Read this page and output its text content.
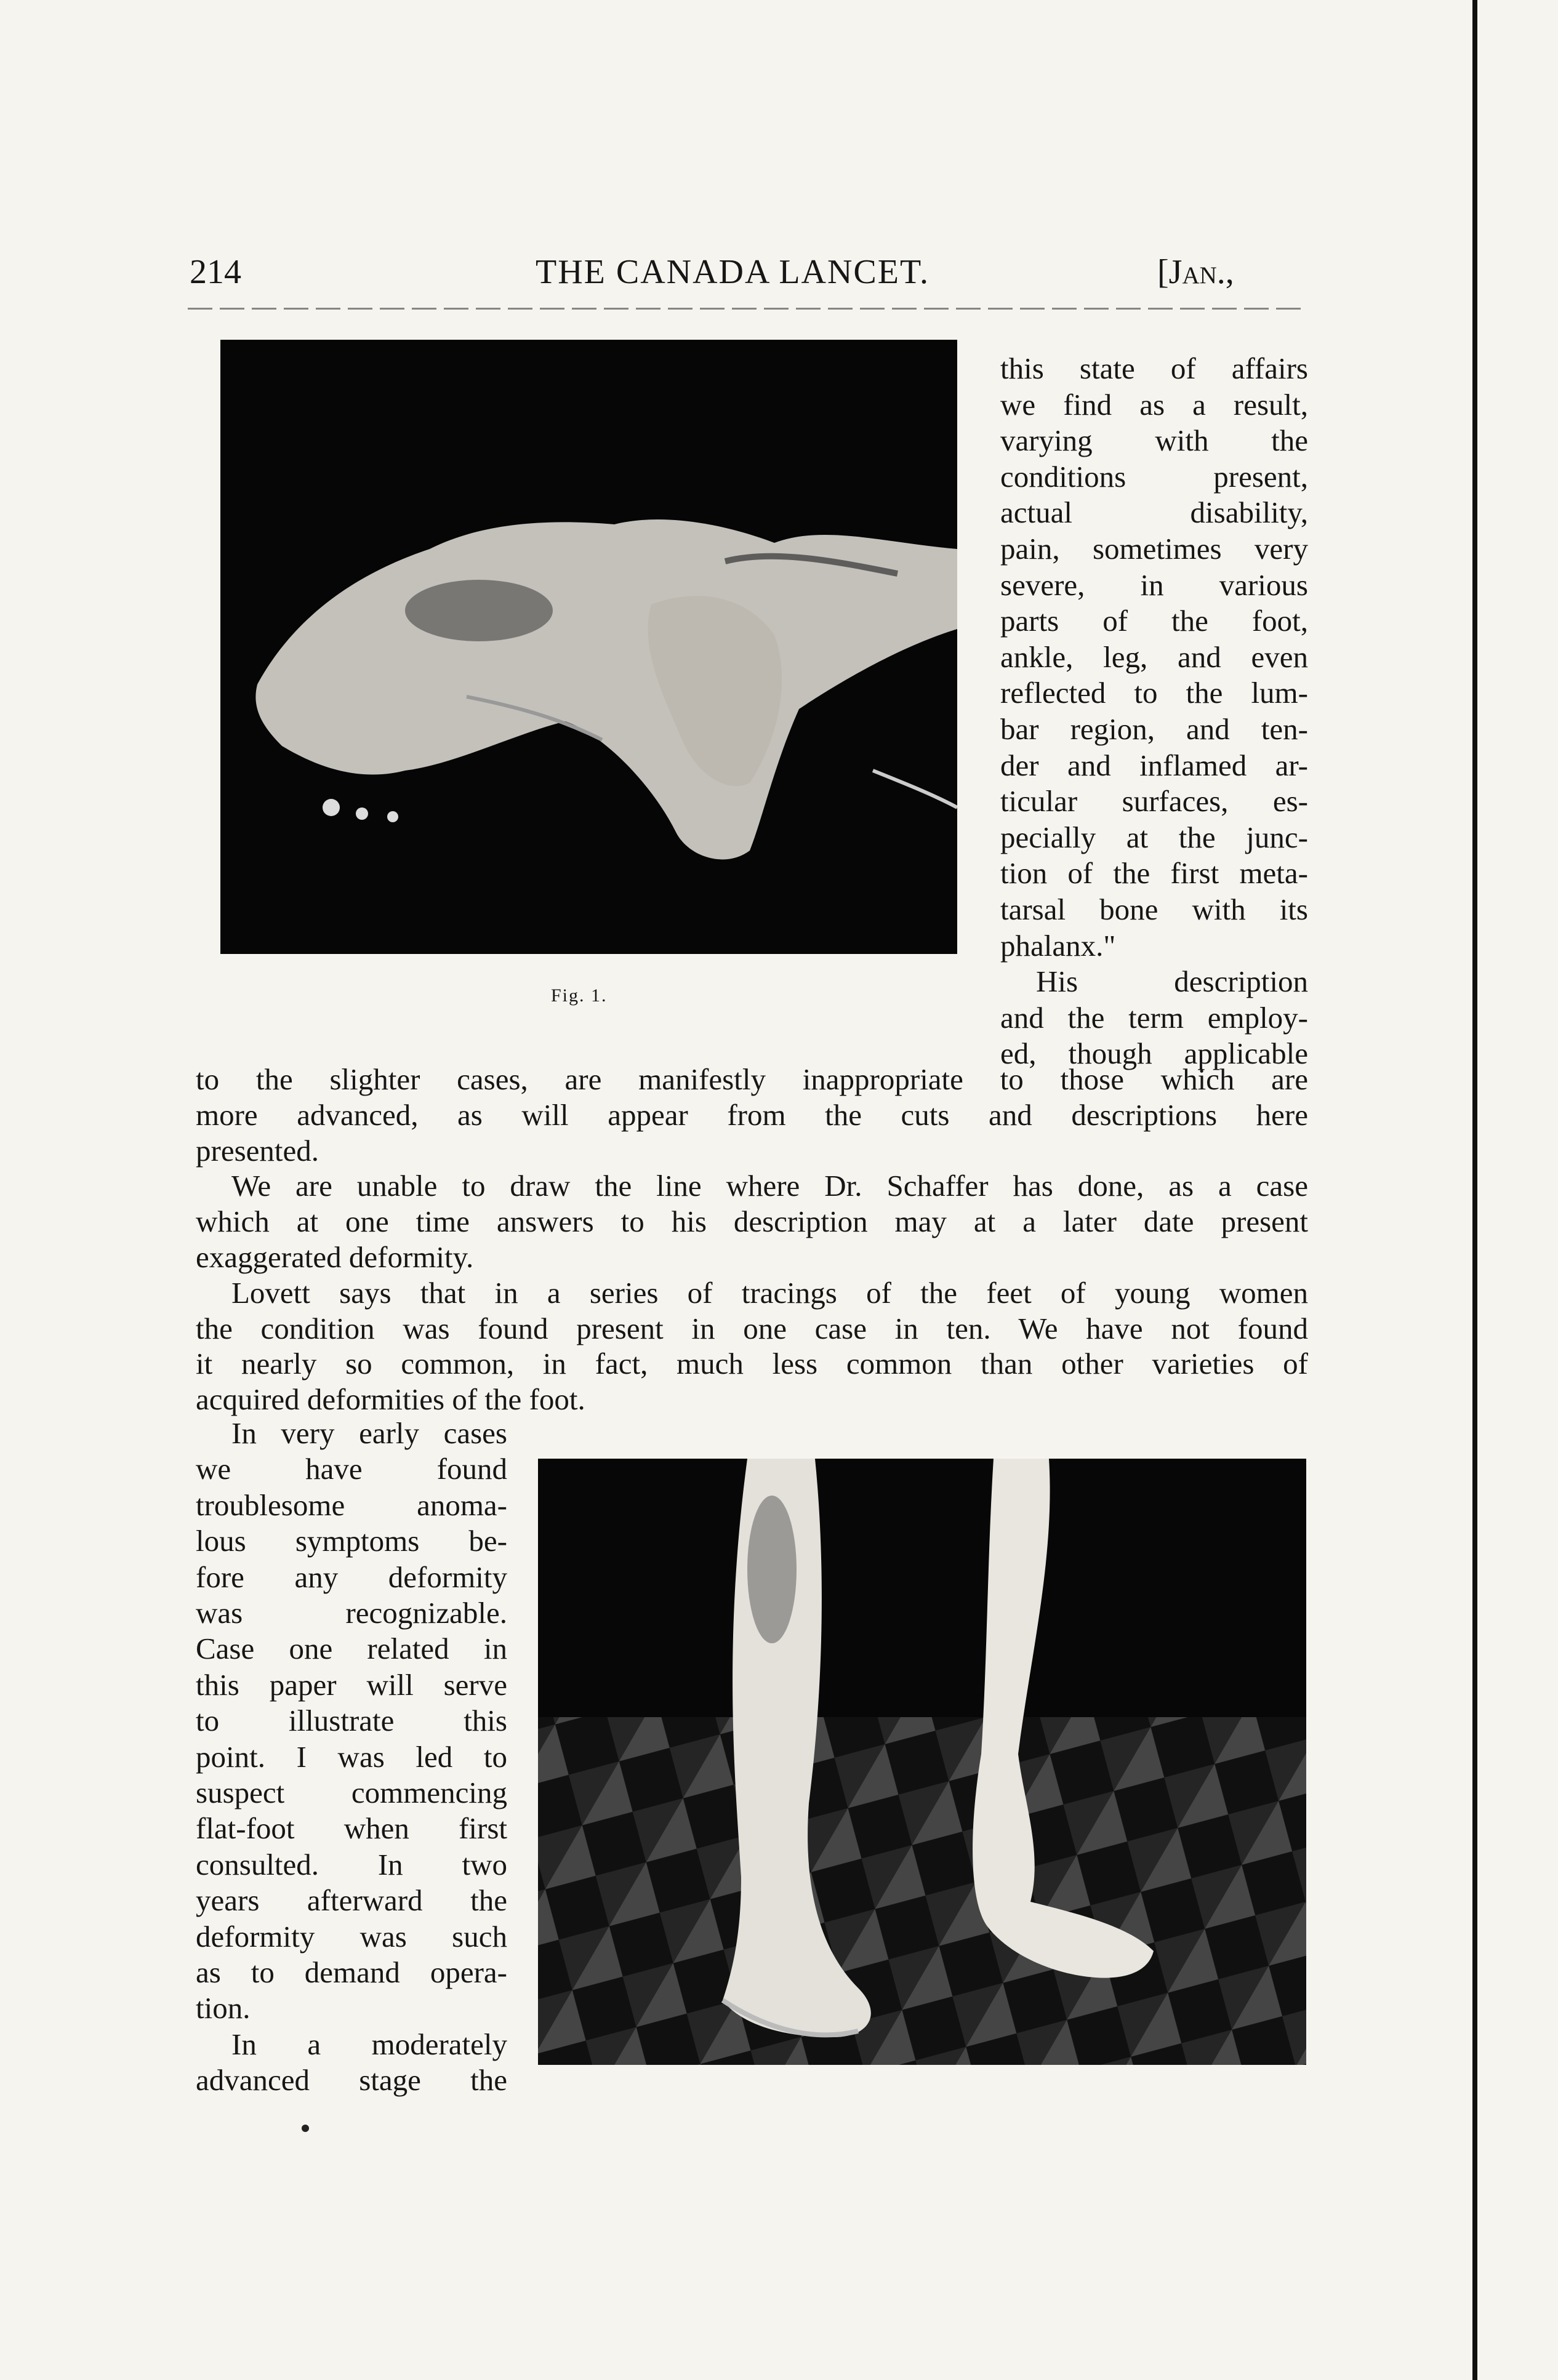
214	THE CANADA LANCET.	[Jan.,
Fig. 1.
this state of affairs
we find as a result,
varying with the
conditions present,
actual disability,
pain, sometimes very
severe, in various
parts of the foot,
ankle, leg, and even
reflected to the lum-
bar region, and ten-
der and inflamed ar-
ticular surfaces, es-
pecially at the junc-
tion of the first meta-
tarsal bone with its
phalanx."
His description
and the term employ-
ed, though applicable
to the slighter cases, are manifestly inappropriate to those which are
more advanced, as will appear from the cuts and descriptions here
presented.
We are unable to draw the line where Dr. Schaffer has done, as a case
which at one time answers to his description may at a later date present
exaggerated deformity.
Lovett says that in a series of tracings of the feet of young women
the condition was found present in one case in ten. We have not found
it nearly so common, in fact, much less common than other varieties of
acquired deformities of the foot.
In very early cases
we have found
troublesome anoma-
lous symptoms be-
fore any deformity
was recognizable.
Case one related in
this paper will serve
to illustrate this
point. I was led to
suspect commencing
flat-foot when first
consulted. In two
years afterward the
deformity was such
as to demand opera-
tion.
In a moderately
advanced stage the
